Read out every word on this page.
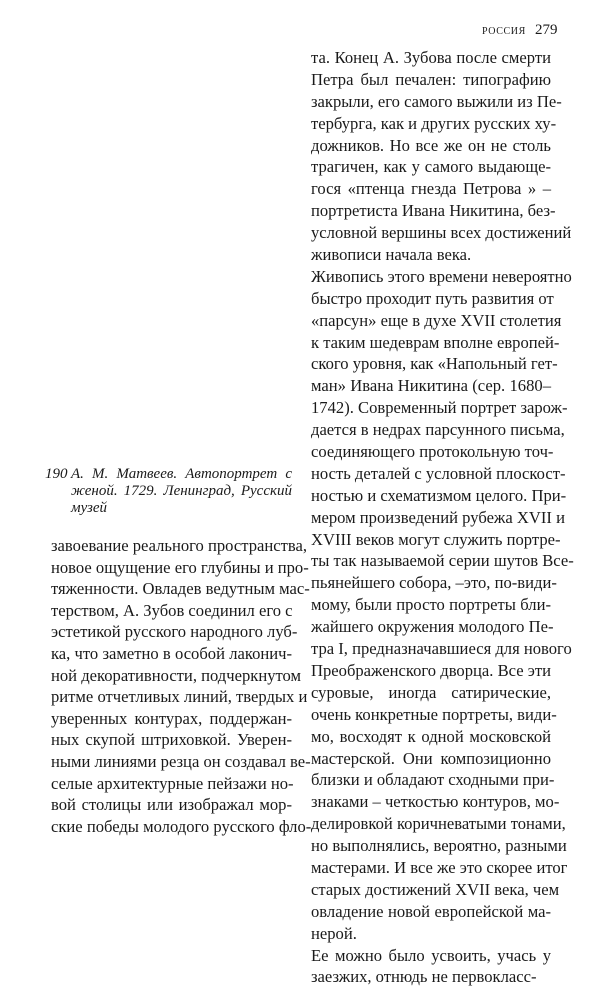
РОССИЯ 279
та. Конец А. Зубова после смерти
Петра был печален: типографию
закрыли, его самого выжили из Пе-
тербурга, как и других русских ху-
дожников. Но все же он не столь
трагичен, как у самого выдающе-
гося «птенца гнезда Петрова » –
портретиста Ивана Никитина, без-
условной вершины всех достижений
живописи начала века.
Живопись этого времени невероятно
быстро проходит путь развития от
«парсун» еще в духе XVII столетия
к таким шедеврам вполне европей-
ского уровня, как «Напольный гет-
ман» Ивана Никитина (сер. 1680–
1742). Современный портрет зарож-
дается в недрах парсунного письма,
соединяющего протокольную точ-
ность деталей с условной плоскост-
ностью и схематизмом целого. При-
мером произведений рубежа XVII и
XVIII веков могут служить портре-
ты так называемой серии шутов Все-
пьянейшего собора, –это, по-види-
мому, были просто портреты бли-
жайшего окружения молодого Пе-
тра I, предназначавшиеся для нового
Преображенского дворца. Все эти
суровые, иногда сатирические,
очень конкретные портреты, види-
мо, восходят к одной московской
мастерской. Они композиционно
близки и обладают сходными при-
знаками – четкостью контуров, мо-
делировкой коричневатыми тонами,
но выполнялись, вероятно, разными
мастерами. И все же это скорее итог
старых достижений XVII века, чем
овладение новой европейской ма-
нерой.
Ее можно было усвоить, учась у
заезжих, отнюдь не первокласс-
190 А. М. Матвеев. Автопортрет с
женой. 1729. Ленинград, Русский
музей
завоевание реального пространства,
новое ощущение его глубины и про-
тяженности. Овладев ведутным мас-
терством, А. Зубов соединил его с
эстетикой русского народного луб-
ка, что заметно в особой лаконич-
ной декоративности, подчеркнутом
ритме отчетливых линий, твердых и
уверенных контурах, поддержан-
ных скупой штриховкой. Уверен-
ными линиями резца он создавал ве-
селые архитектурные пейзажи но-
вой столицы или изображал мор-
ские победы молодого русского фло-
